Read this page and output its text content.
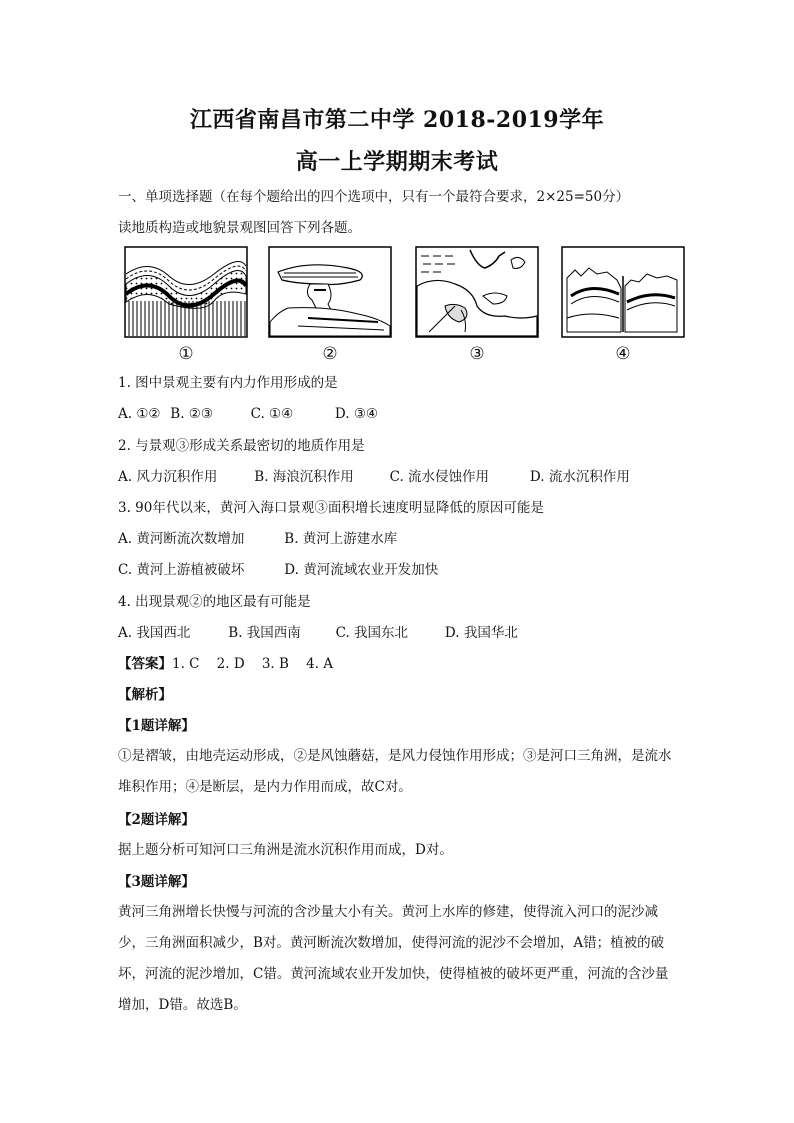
江西省南昌市第二中学 2018-2019学年
高一上学期期末考试
一、单项选择题（在每个题给出的四个选项中，只有一个最符合要求，2×25=50分）
读地质构造或地貌景观图回答下列各题。
①	②	③	④
1. 图中景观主要有内力作用形成的是
A. ①② B. ②③	C. ①④	D. ③④
2. 与景观③形成关系最密切的地质作用是
A. 风力沉积作用	B. 海浪沉积作用	C. 流水侵蚀作用	D. 流水沉积作用
3. 90年代以来，黄河入海口景观③面积增长速度明显降低的原因可能是
A. 黄河断流次数增加	B. 黄河上游建水库
C. 黄河上游植被破坏	D. 黄河流域农业开发加快
4. 出现景观②的地区最有可能是
A. 我国西北	B. 我国西南	C. 我国东北	D. 我国华北
【答案】1. C    2. D    3. B    4. A
【解析】
【1题详解】
①是褶皱，由地壳运动形成，②是风蚀蘑菇，是风力侵蚀作用形成；③是河口三角洲，是流水堆积作用；④是断层，是内力作用而成，故C对。
【2题详解】
据上题分析可知河口三角洲是流水沉积作用而成，D对。
【3题详解】
黄河三角洲增长快慢与河流的含沙量大小有关。黄河上水库的修建，使得流入河口的泥沙减少，三角洲面积减少，B对。黄河断流次数增加，使得河流的泥沙不会增加，A错；植被的破坏，河流的泥沙增加，C错。黄河流域农业开发加快，使得植被的破坏更严重，河流的含沙量增加，D错。故选B。
